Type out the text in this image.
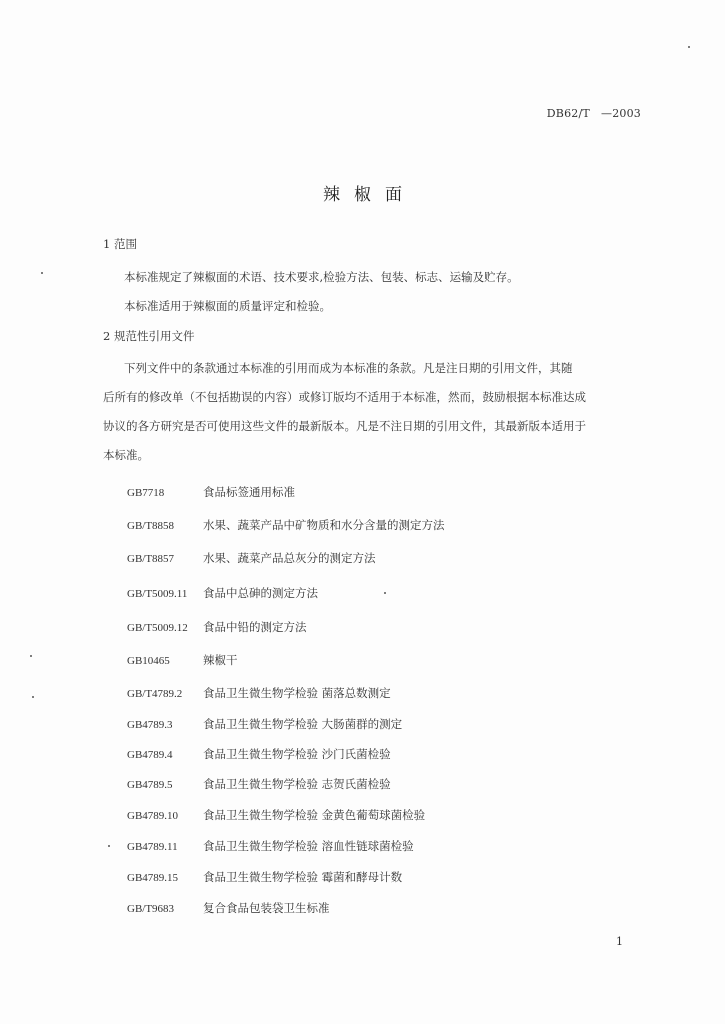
DB62/T   —2003
辣椒面
1 范围
本标准规定了辣椒面的术语、技术要求,检验方法、包装、标志、运输及贮存。
本标准适用于辣椒面的质量评定和检验。
2 规范性引用文件
下列文件中的条款通过本标准的引用而成为本标准的条款。凡是注日期的引用文件，其随
后所有的修改单（不包括勘误的内容）或修订版均不适用于本标准，然而，鼓励根据本标准达成
协议的各方研究是否可使用这些文件的最新版本。凡是不注日期的引用文件，其最新版本适用于
本标准。
GB7718	食品标签通用标准
GB/T8858	水果、蔬菜产品中矿物质和水分含量的测定方法
GB/T8857	水果、蔬菜产品总灰分的测定方法
GB/T5009.11 食品中总砷的测定方法
GB/T5009.12 食品中铅的测定方法
GB10465	辣椒干
GB/T4789.2 食品卫生微生物学检验 菌落总数测定
GB4789.3	食品卫生微生物学检验 大肠菌群的测定
GB4789.4	食品卫生微生物学检验 沙门氏菌检验
GB4789.5	食品卫生微生物学检验 志贺氏菌检验
GB4789.10 食品卫生微生物学检验 金黄色葡萄球菌检验
GB4789.11 食品卫生微生物学检验 溶血性链球菌检验
GB4789.15 食品卫生微生物学检验 霉菌和酵母计数
GB/T9683	复合食品包装袋卫生标准
1
